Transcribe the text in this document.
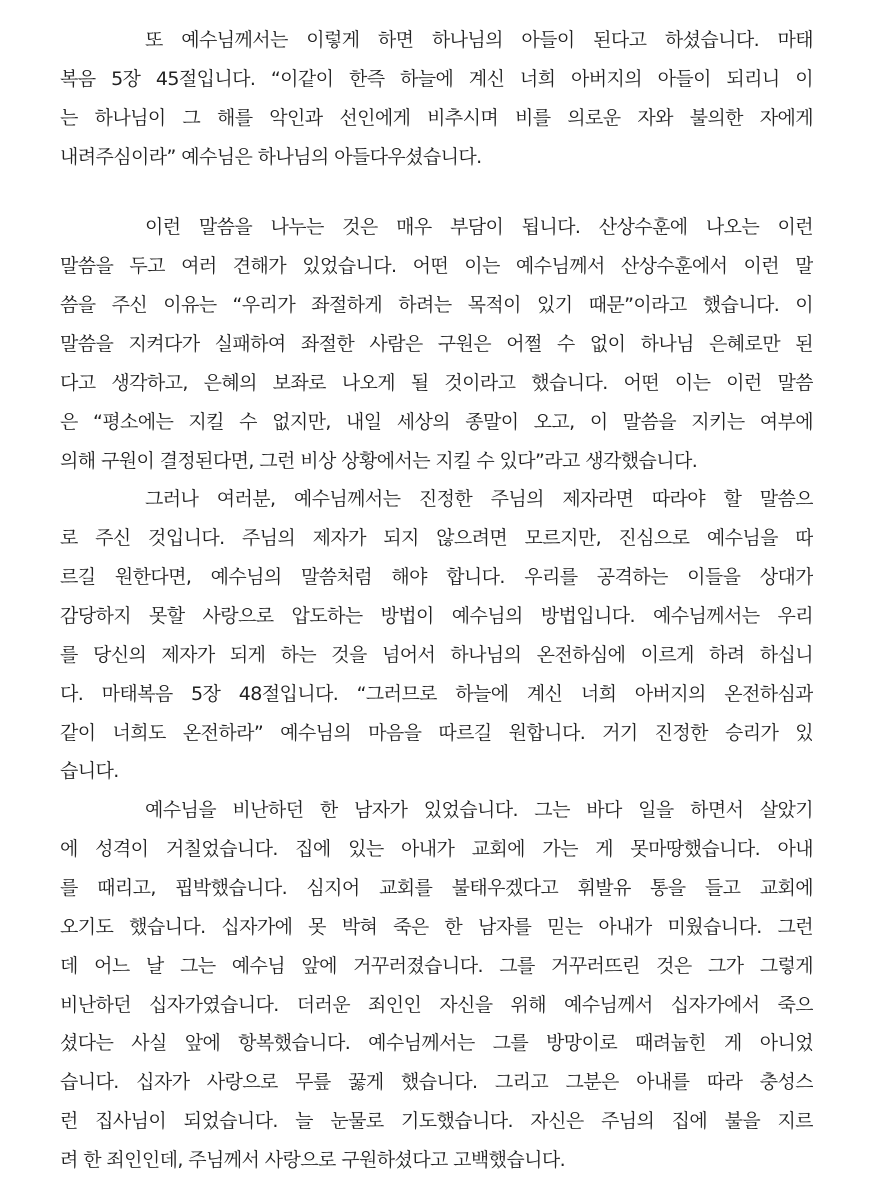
또 예수님께서는 이렇게 하면 하나님의 아들이 된다고 하셨습니다. 마태
복음 5장 45절입니다. “이같이 한즉 하늘에 계신 너희 아버지의 아들이 되리니 이
는 하나님이 그 해를 악인과 선인에게 비추시며 비를 의로운 자와 불의한 자에게
내려주심이라” 예수님은 하나님의 아들다우셨습니다.
이런 말씀을 나누는 것은 매우 부담이 됩니다. 산상수훈에 나오는 이런
말씀을 두고 여러 견해가 있었습니다. 어떤 이는 예수님께서 산상수훈에서 이런 말
씀을 주신 이유는 “우리가 좌절하게 하려는 목적이 있기 때문”이라고 했습니다. 이
말씀을 지켜다가 실패하여 좌절한 사람은 구원은 어쩔 수 없이 하나님 은혜로만 된
다고 생각하고, 은혜의 보좌로 나오게 될 것이라고 했습니다. 어떤 이는 이런 말씀
은 “평소에는 지킬 수 없지만, 내일 세상의 종말이 오고, 이 말씀을 지키는 여부에
의해 구원이 결정된다면, 그런 비상 상황에서는 지킬 수 있다”라고 생각했습니다.
그러나 여러분, 예수님께서는 진정한 주님의 제자라면 따라야 할 말씀으
로 주신 것입니다. 주님의 제자가 되지 않으려면 모르지만, 진심으로 예수님을 따
르길 원한다면, 예수님의 말씀처럼 해야 합니다. 우리를 공격하는 이들을 상대가
감당하지 못할 사랑으로 압도하는 방법이 예수님의 방법입니다. 예수님께서는 우리
를 당신의 제자가 되게 하는 것을 넘어서 하나님의 온전하심에 이르게 하려 하십니
다. 마태복음 5장 48절입니다. “그러므로 하늘에 계신 너희 아버지의 온전하심과
같이 너희도 온전하라” 예수님의 마음을 따르길 원합니다. 거기 진정한 승리가 있
습니다.
예수님을 비난하던 한 남자가 있었습니다. 그는 바다 일을 하면서 살았기
에 성격이 거칠었습니다. 집에 있는 아내가 교회에 가는 게 못마땅했습니다. 아내
를 때리고, 핍박했습니다. 심지어 교회를 불태우겠다고 휘발유 통을 들고 교회에
오기도 했습니다. 십자가에 못 박혀 죽은 한 남자를 믿는 아내가 미웠습니다. 그런
데 어느 날 그는 예수님 앞에 거꾸러졌습니다. 그를 거꾸러뜨린 것은 그가 그렇게
비난하던 십자가였습니다. 더러운 죄인인 자신을 위해 예수님께서 십자가에서 죽으
셨다는 사실 앞에 항복했습니다. 예수님께서는 그를 방망이로 때려눕힌 게 아니었
습니다. 십자가 사랑으로 무릎 꿇게 했습니다. 그리고 그분은 아내를 따라 충성스
런 집사님이 되었습니다. 늘 눈물로 기도했습니다. 자신은 주님의 집에 불을 지르
려 한 죄인인데, 주님께서 사랑으로 구원하셨다고 고백했습니다.
